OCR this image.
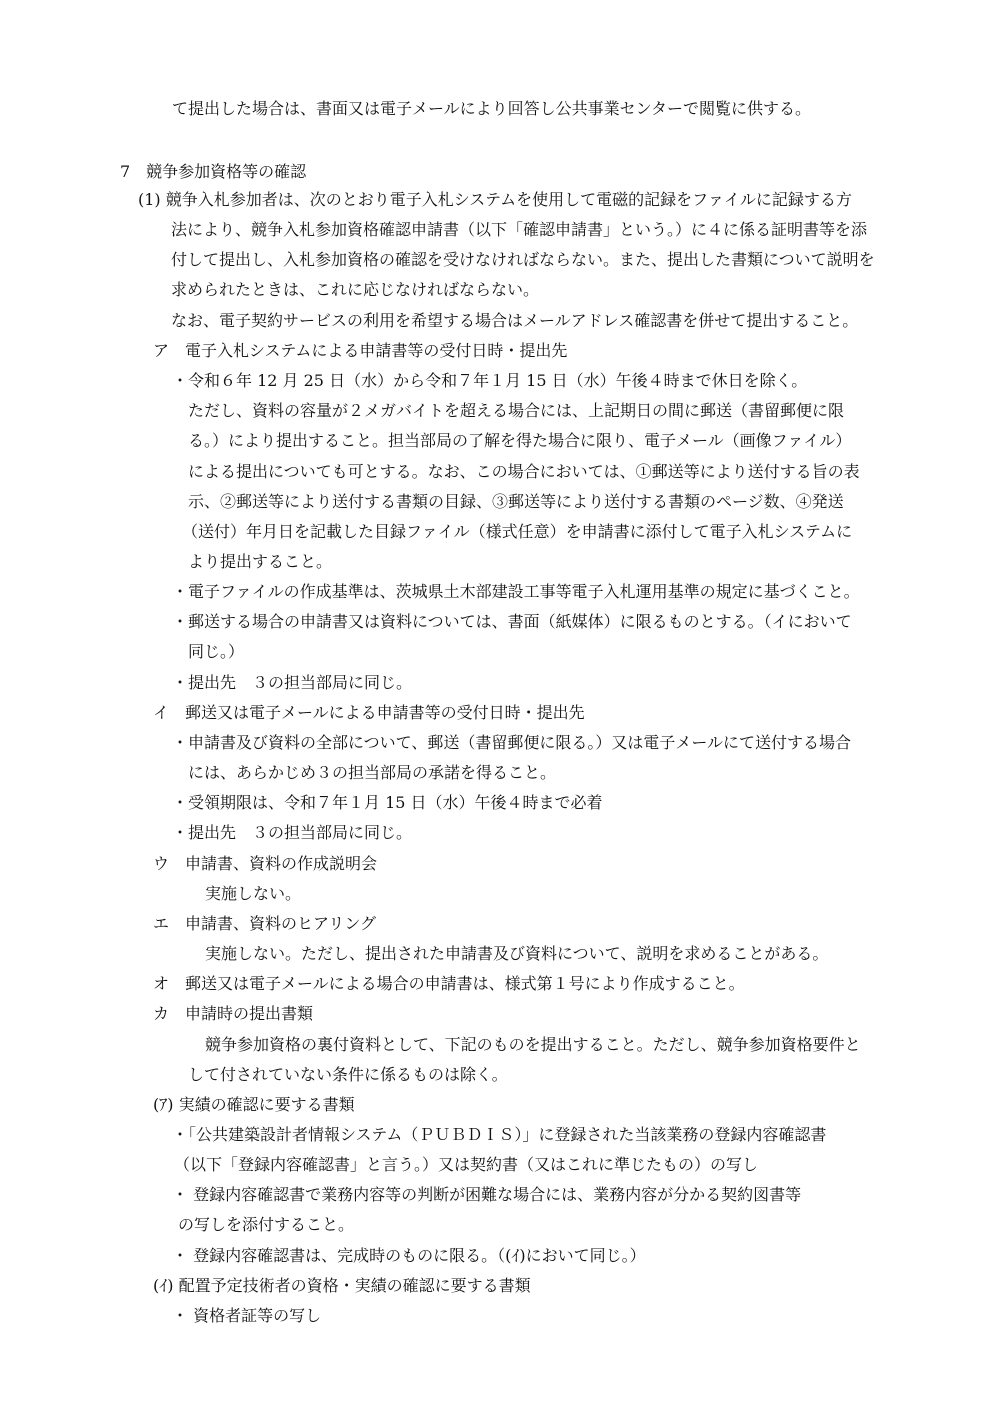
て提出した場合は、書面又は電子メールにより回答し公共事業センターで閲覧に供する。
7　競争参加資格等の確認
(1) 競争入札参加者は、次のとおり電子入札システムを使用して電磁的記録をファイルに記録する方
法により、競争入札参加資格確認申請書（以下「確認申請書」という。）に４に係る証明書等を添
付して提出し、入札参加資格の確認を受けなければならない。また、提出した書類について説明を
求められたときは、これに応じなければならない。
なお、電子契約サービスの利用を希望する場合はメールアドレス確認書を併せて提出すること。
ア　電子入札システムによる申請書等の受付日時・提出先
・令和６年 12 月 25 日（水）から令和７年１月 15 日（水）午後４時まで休日を除く。
ただし、資料の容量が２メガバイトを超える場合には、上記期日の間に郵送（書留郵便に限
る。）により提出すること。担当部局の了解を得た場合に限り、電子メール（画像ファイル）
による提出についても可とする。なお、この場合においては、①郵送等により送付する旨の表
示、②郵送等により送付する書類の目録、③郵送等により送付する書類のページ数、④発送
（送付）年月日を記載した目録ファイル（様式任意）を申請書に添付して電子入札システムに
より提出すること。
・電子ファイルの作成基準は、茨城県土木部建設工事等電子入札運用基準の規定に基づくこと。
・郵送する場合の申請書又は資料については、書面（紙媒体）に限るものとする。（イにおいて
同じ。）
・提出先　３の担当部局に同じ。
イ　郵送又は電子メールによる申請書等の受付日時・提出先
・申請書及び資料の全部について、郵送（書留郵便に限る。）又は電子メールにて送付する場合
には、あらかじめ３の担当部局の承諾を得ること。
・受領期限は、令和７年１月 15 日（水）午後４時まで必着
・提出先　３の担当部局に同じ。
ウ　申請書、資料の作成説明会
実施しない。
エ　申請書、資料のヒアリング
実施しない。ただし、提出された申請書及び資料について、説明を求めることがある。
オ　郵送又は電子メールによる場合の申請書は、様式第１号により作成すること。
カ　申請時の提出書類
競争参加資格の裏付資料として、下記のものを提出すること。ただし、競争参加資格要件と
して付されていない条件に係るものは除く。
(ｱ) 実績の確認に要する書類
・「公共建築設計者情報システム（ＰＵＢＤＩＳ）」に登録された当該業務の登録内容確認書
（以下「登録内容確認書」と言う。）又は契約書（又はこれに準じたもの）の写し
・ 登録内容確認書で業務内容等の判断が困難な場合には、業務内容が分かる契約図書等
の写しを添付すること。
・ 登録内容確認書は、完成時のものに限る。（(ｲ)において同じ。）
(ｲ) 配置予定技術者の資格・実績の確認に要する書類
・ 資格者証等の写し
